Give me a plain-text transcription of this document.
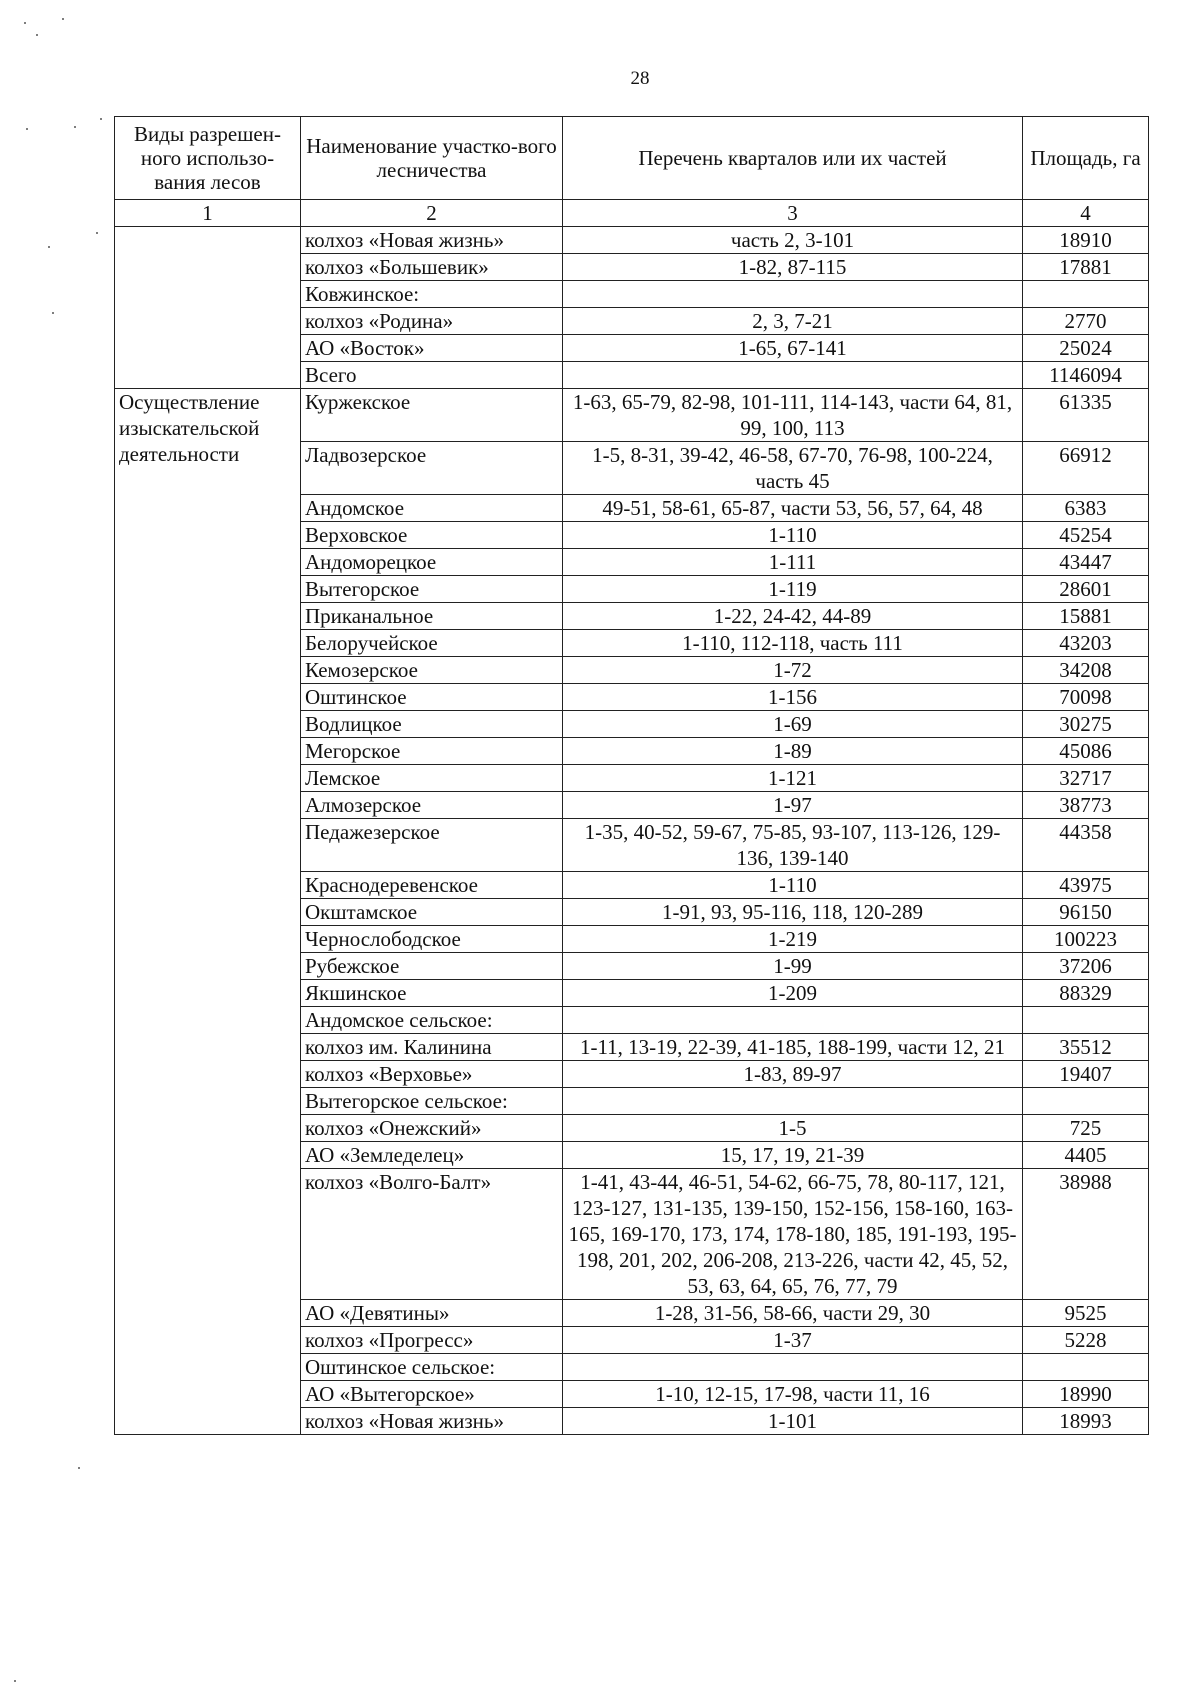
28
Виды разрешен-ного использо-вания лесов	Наименование участко-вого лесничества	Перечень кварталов или их частей	Площадь, га
1	2	3	4
	колхоз «Новая жизнь»	часть 2, 3-101	18910
	колхоз «Большевик»	1-82, 87-115	17881
	Ковжинское:		
	колхоз «Родина»	2, 3, 7-21	2770
	АО «Восток»	1-65, 67-141	25024
	Всего		1146094
Осуществление изыскательской деятельности	Куржекское	1-63, 65-79, 82-98, 101-111, 114-143, части 64, 81, 99, 100, 113	61335
	Ладвозерское	1-5, 8-31, 39-42, 46-58, 67-70, 76-98, 100-224, часть 45	66912
	Андомское	49-51, 58-61, 65-87, части 53, 56, 57, 64, 48	6383
	Верховское	1-110	45254
	Андоморецкое	1-111	43447
	Вытегорское	1-119	28601
	Приканальное	1-22, 24-42, 44-89	15881
	Белоручейское	1-110, 112-118, часть 111	43203
	Кемозерское	1-72	34208
	Оштинское	1-156	70098
	Водлицкое	1-69	30275
	Мегорское	1-89	45086
	Лемское	1-121	32717
	Алмозерское	1-97	38773
	Педажезерское	1-35, 40-52, 59-67, 75-85, 93-107, 113-126, 129-136, 139-140	44358
	Краснодеревенское	1-110	43975
	Окштамское	1-91, 93, 95-116, 118, 120-289	96150
	Чернослободское	1-219	100223
	Рубежское	1-99	37206
	Якшинское	1-209	88329
	Андомское сельское:		
	колхоз им. Калинина	1-11, 13-19, 22-39, 41-185, 188-199, части 12, 21	35512
	колхоз «Верховье»	1-83, 89-97	19407
	Вытегорское сельское:		
	колхоз «Онежский»	1-5	725
	АО «Земледелец»	15, 17, 19, 21-39	4405
	колхоз «Волго-Балт»	1-41, 43-44, 46-51, 54-62, 66-75, 78, 80-117, 121, 123-127, 131-135, 139-150, 152-156, 158-160, 163-165, 169-170, 173, 174, 178-180, 185, 191-193, 195-198, 201, 202, 206-208, 213-226, части 42, 45, 52, 53, 63, 64, 65, 76, 77, 79	38988
	АО «Девятины»	1-28, 31-56, 58-66, части 29, 30	9525
	колхоз «Прогресс»	1-37	5228
	Оштинское сельское:		
	АО «Вытегорское»	1-10, 12-15, 17-98, части 11, 16	18990
	колхоз «Новая жизнь»	1-101	18993
